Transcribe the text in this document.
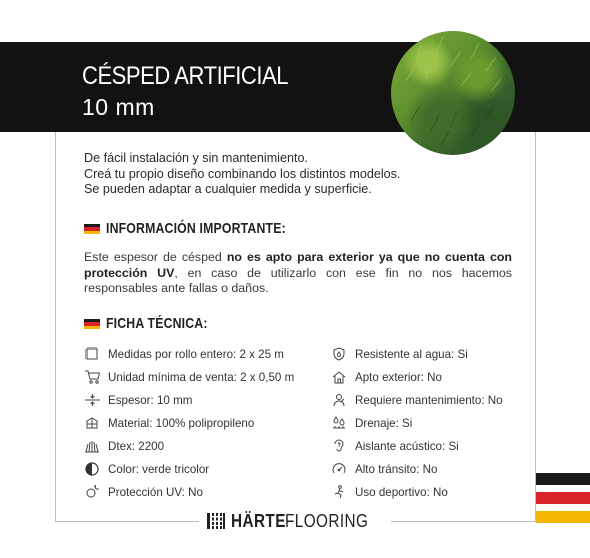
CÉSPED ARTIFICIAL
10 mm
De fácil instalación y sin mantenimiento.
Creá tu propio diseño combinando los distintos modelos.
Se pueden adaptar a cualquier medida y superficie.
INFORMACIÓN IMPORTANTE:
Este espesor de césped no es apto para exterior ya que no cuenta con protección UV, en caso de utilizarlo con ese fin no nos hacemos responsables ante fallas o daños.
FICHA TÉCNICA:
Medidas por rollo entero: 2 x 25 m
Unidad mínima de venta: 2 x 0,50 m
Espesor: 10 mm
Material: 100% polipropileno
Dtex: 2200
Color: verde tricolor
Protección UV: No
Resistente al agua: Si
Apto exterior: No
Requiere mantenimiento: No
Drenaje: Si
Aislante acústico: Si
Alto tránsito: No
Uso deportivo: No
HÄRTE FLOORING
